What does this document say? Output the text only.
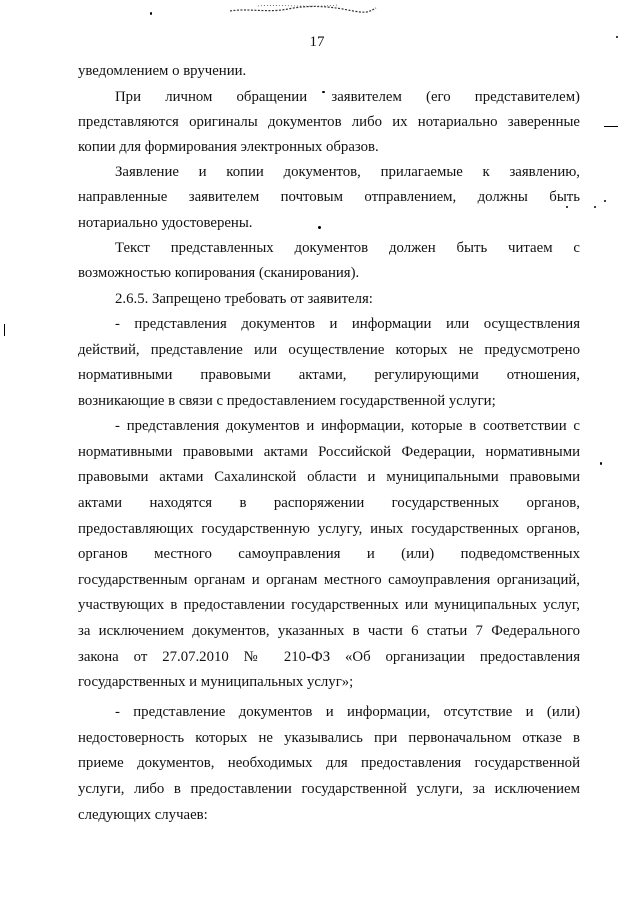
17
уведомлением о вручении.
При личном обращении заявителем (его представителем)
представляются оригиналы документов либо их нотариально заверенные
копии для формирования электронных образов.
Заявление и копии документов, прилагаемые к заявлению,
направленные заявителем почтовым отправлением, должны быть
нотариально удостоверены.
Текст представленных документов должен быть читаем с
возможностью копирования (сканирования).
2.6.5. Запрещено требовать от заявителя:
- представления документов и информации или осуществления
действий, представление или осуществление которых не предусмотрено
нормативными правовыми актами, регулирующими отношения,
возникающие в связи с предоставлением государственной услуги;
- представления документов и информации, которые в соответствии с
нормативными правовыми актами Российской Федерации, нормативными
правовыми актами Сахалинской области и муниципальными правовыми
актами находятся в распоряжении государственных органов,
предоставляющих государственную услугу, иных государственных органов,
органов местного самоуправления и (или) подведомственных
государственным органам и органам местного самоуправления организаций,
участвующих в предоставлении государственных или муниципальных услуг,
за исключением документов, указанных в части 6 статьи 7 Федерального
закона от 27.07.2010 № 210-ФЗ «Об организации предоставления
государственных и муниципальных услуг»;
- представление документов и информации, отсутствие и (или)
недостоверность которых не указывались при первоначальном отказе в
приеме документов, необходимых для предоставления государственной
услуги, либо в предоставлении государственной услуги, за исключением
следующих случаев:
